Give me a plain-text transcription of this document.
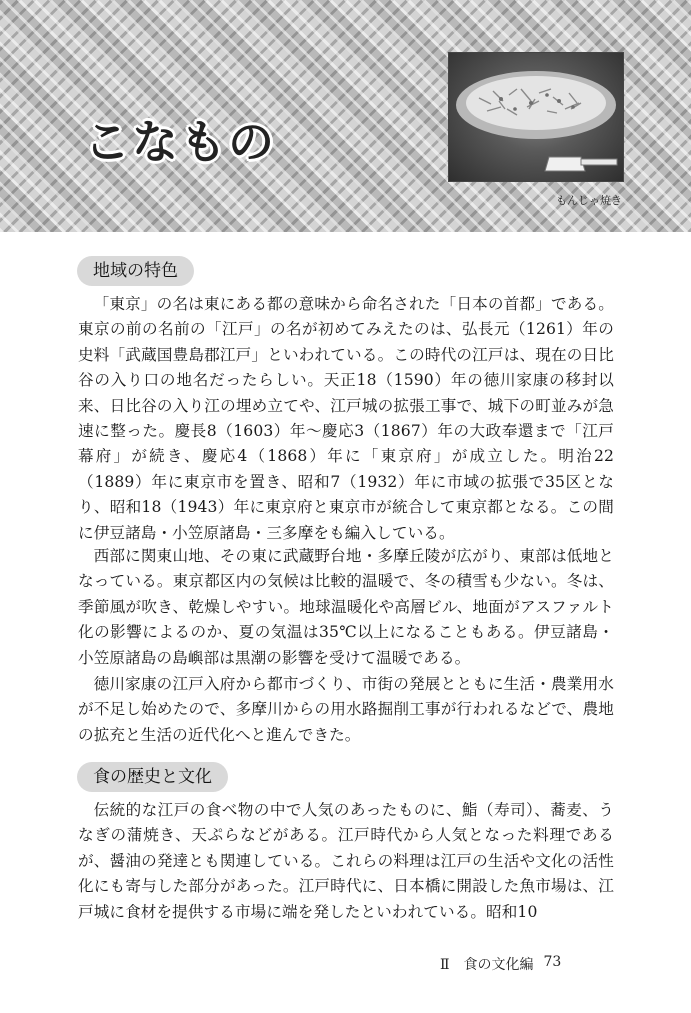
こなもの

もんじゃ焼き

地域の特色

「東京」の名は東にある都の意味から命名された「日本の首都」である。東京の前の名前の「江戸」の名が初めてみえたのは、弘長元（1261）年の史料「武蔵国豊島郡江戸」といわれている。この時代の江戸は、現在の日比谷の入り口の地名だったらしい。天正18（1590）年の徳川家康の移封以来、日比谷の入り江の埋め立てや、江戸城の拡張工事で、城下の町並みが急速に整った。慶長8（1603）年〜慶応3（1867）年の大政奉還まで「江戸幕府」が続き、慶応4（1868）年に「東京府」が成立した。明治22（1889）年に東京市を置き、昭和7（1932）年に市域の拡張で35区となり、昭和18（1943）年に東京府と東京市が統合して東京都となる。この間に伊豆諸島・小笠原諸島・三多摩をも編入している。

西部に関東山地、その東に武蔵野台地・多摩丘陵が広がり、東部は低地となっている。東京都区内の気候は比較的温暖で、冬の積雪も少ない。冬は、季節風が吹き、乾燥しやすい。地球温暖化や高層ビル、地面がアスファルト化の影響によるのか、夏の気温は35℃以上になることもある。伊豆諸島・小笠原諸島の島嶼部は黒潮の影響を受けて温暖である。

徳川家康の江戸入府から都市づくり、市街の発展とともに生活・農業用水が不足し始めたので、多摩川からの用水路掘削工事が行われるなどで、農地の拡充と生活の近代化へと進んできた。

食の歴史と文化

伝統的な江戸の食べ物の中で人気のあったものに、鮨（寿司）、蕎麦、うなぎの蒲焼き、天ぷらなどがある。江戸時代から人気となった料理であるが、醤油の発達とも関連している。これらの料理は江戸の生活や文化の活性化にも寄与した部分があった。江戸時代に、日本橋に開設した魚市場は、江戸城に食材を提供する市場に端を発したといわれている。昭和10

Ⅱ　食の文化編 73
